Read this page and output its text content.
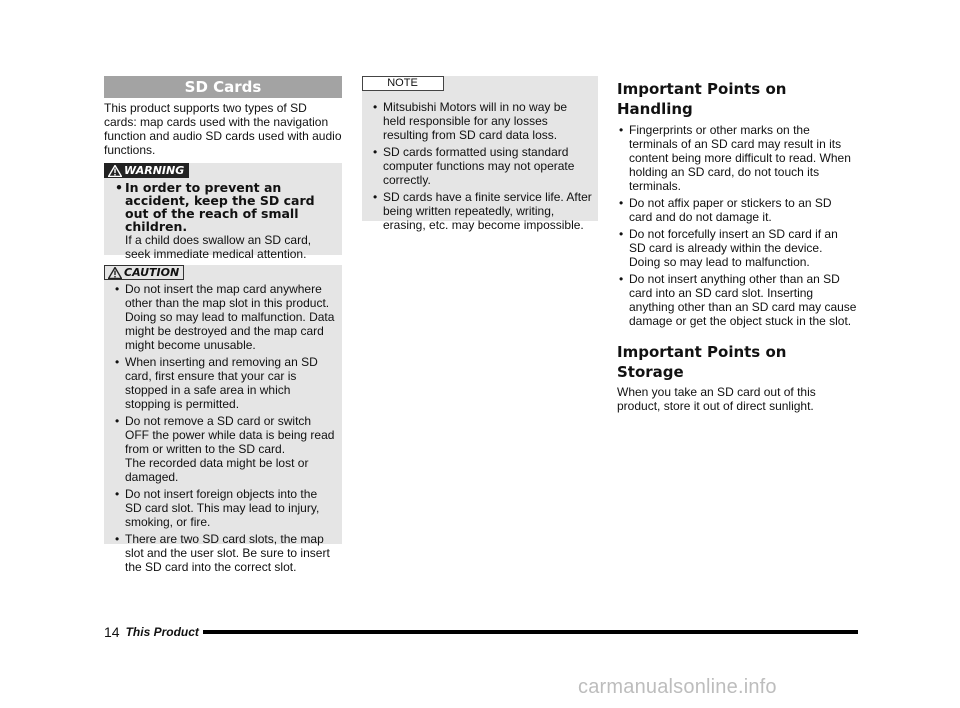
SD Cards

This product supports two types of SD cards: map cards used with the navigation function and audio SD cards used with audio functions.

WARNING
• In order to prevent an accident, keep the SD card out of the reach of small children.
If a child does swallow an SD card, seek immediate medical attention.
CAUTION
• Do not insert the map card anywhere other than the map slot in this product. Doing so may lead to malfunction. Data might be destroyed and the map card might become unusable.
• When inserting and removing an SD card, first ensure that your car is stopped in a safe area in which stopping is permitted.
• Do not remove a SD card or switch OFF the power while data is being read from or written to the SD card.
The recorded data might be lost or damaged.
• Do not insert foreign objects into the SD card slot. This may lead to injury, smoking, or fire.
• There are two SD card slots, the map slot and the user slot. Be sure to insert the SD card into the correct slot.
NOTE
• Mitsubishi Motors will in no way be held responsible for any losses resulting from SD card data loss.
• SD cards formatted using standard computer functions may not operate correctly.
• SD cards have a finite service life. After being written repeatedly, writing, erasing, etc. may become impossible.
Important Points on Handling
• Fingerprints or other marks on the terminals of an SD card may result in its content being more difficult to read. When holding an SD card, do not touch its terminals.
• Do not affix paper or stickers to an SD card and do not damage it.
• Do not forcefully insert an SD card if an SD card is already within the device. Doing so may lead to malfunction.
• Do not insert anything other than an SD card into an SD card slot. Inserting anything other than an SD card may cause damage or get the object stuck in the slot.
Important Points on Storage

When you take an SD card out of this product, store it out of direct sunlight.

14 This Product
carmanualsonline.info
